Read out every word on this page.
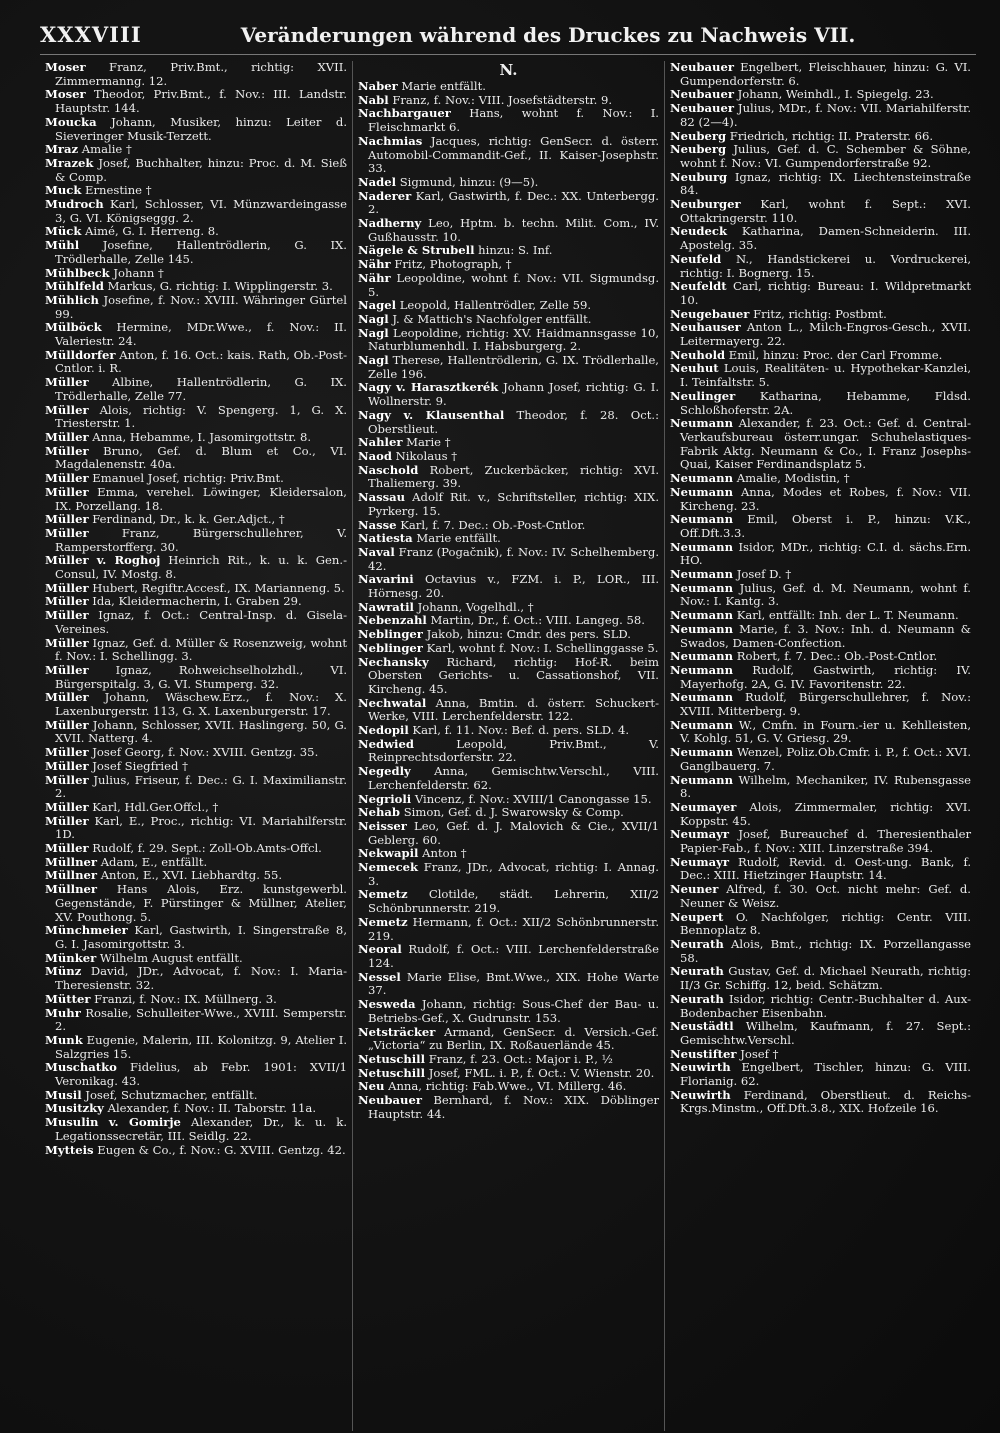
XXXVIII	Veränderungen während des Druckes zu Nachweis VII.

Moser Franz, Priv.Bmt., richtig: XVII. Zimmermanng. 12.

Moser Theodor, Priv.Bmt., f. Nov.: III. Landstr. Hauptstr. 144.

Moucka Johann, Musiker, hinzu: Leiter d. Sieveringer Musik-Terzett.

Mraz Amalie †

Mrazek Josef, Buchhalter, hinzu: Proc. d. M. Sieß & Comp.

Muck Ernestine †

Mudroch Karl, Schlosser, VI. Münzwardeingasse 3, G. VI. Königseggg. 2.

Mück Aimé, G. I. Herreng. 8.

Mühl Josefine, Hallentrödlerin, G. IX. Trödlerhalle, Zelle 145.

Mühlbeck Johann †

Mühlfeld Markus, G. richtig: I. Wipplingerstr. 3.

Mühlich Josefine, f. Nov.: XVIII. Währinger Gürtel 99.

Mülböck Hermine, MDr.Wwe., f. Nov.: II. Valeriestr. 24.

Mülldorfer Anton, f. 16. Oct.: kais. Rath, Ob.-Post-Cntlor. i. R.

Müller Albine, Hallentrödlerin, G. IX. Trödlerhalle, Zelle 77.

Müller Alois, richtig: V. Spengerg. 1, G. X. Triesterstr. 1.

Müller Anna, Hebamme, I. Jasomirgottstr. 8.

Müller Bruno, Gef. d. Blum et Co., VI. Magdalenenstr. 40a.

Müller Emanuel Josef, richtig: Priv.Bmt.

Müller Emma, verehel. Löwinger, Kleidersalon, IX. Porzellang. 18.

Müller Ferdinand, Dr., k. k. Ger.Adjct., †

Müller	Franz, Bürgerschullehrer, V. Ramperstorfferg. 30.

Müller v. Roghoj Heinrich Rit., k. u. k. Gen.-Consul, IV. Mostg. 8.

Müller Hubert, Regiftr.Accesf., IX. Marianneng. 5.

Müller Ida, Kleidermacherin, I. Graben 29.

Müller Ignaz, f. Oct.: Central-Insp. d. Gisela-Vereines.

Müller Ignaz, Gef. d. Müller & Rosenzweig, wohnt f. Nov.: I. Schellingg. 3.

Müller Ignaz, Rohweichselholzhdl., VI. Bürgerspitalg. 3, G. VI. Stumperg. 32.

Müller Johann, Wäschew.Erz., f. Nov.: X. Laxenburgerstr. 113, G. X. Laxenburgerstr. 17.

Müller Johann, Schlosser, XVII. Haslingerg. 50, G. XVII. Natterg. 4.

Müller Josef Georg, f. Nov.: XVIII. Gentzg. 35.

Müller Josef Siegfried †

Müller Julius, Friseur, f. Dec.: G. I. Maximilianstr. 2.

Müller Karl, Hdl.Ger.Offcl., †

Müller Karl, E., Proc., richtig: VI. Mariahilferstr. 1D.

Müller Rudolf, f. 29. Sept.: Zoll-Ob.Amts-Offcl.

Müllner Adam, E., entfällt.

Müllner Anton, E., XVI. Liebhardtg. 55.

Müllner Hans Alois, Erz. kunstgewerbl. Gegenstände, F. Pürstinger & Müllner, Atelier, XV. Pouthong. 5.

Münchmeier Karl, Gastwirth, I. Singerstraße 8, G. I. Jasomirgottstr. 3.

Münker Wilhelm August entfällt.

Münz David, JDr., Advocat, f. Nov.: I. Maria-Theresienstr. 32.

Mütter Franzi, f. Nov.: IX. Müllnerg. 3.

Muhr Rosalie, Schulleiter-Wwe., XVIII. Semperstr. 2.

Munk Eugenie, Malerin, III. Kolonitzg. 9, Atelier I. Salzgries 15.

Muschatko Fidelius, ab Febr. 1901: XVII/1 Veronikag. 43.

Musil Josef, Schutzmacher, entfällt.

Musitzky Alexander, f. Nov.: II. Taborstr. 11a.

Musulin v. Gomirje Alexander, Dr., k. u. k. Legationssecretär, III. Seidlg. 22.

Mytteis Eugen & Co., f. Nov.: G. XVIII. Gentzg. 42.

N.

Naber Marie entfällt.

Nabl Franz, f. Nov.: VIII. Josefstädterstr. 9.

Nachbargauer Hans, wohnt f. Nov.: I. Fleischmarkt 6.

Nachmias Jacques, richtig: GenSecr. d. österr. Automobil-Commandit-Gef., II. Kaiser-Josephstr. 33.

Nadel Sigmund, hinzu: (9—5).

Naderer Karl, Gastwirth, f. Dec.: XX. Unterbergg. 2.

Nadherny Leo, Hptm. b. techn. Milit. Com., IV. Gußhausstr. 10.

Nägele & Strubell hinzu: S. Inf.

Nähr Fritz, Photograph, †

Nähr Leopoldine, wohnt f. Nov.: VII. Sigmundsg. 5.

Nagel Leopold, Hallentrödler, Zelle 59.

Nagl J. & Mattich's Nachfolger entfällt.

Nagl Leopoldine, richtig: XV. Haidmannsgasse 10, Naturblumenhdl. I. Habsburgerg. 2.

Nagl Therese, Hallentrödlerin, G. IX. Trödlerhalle, Zelle 196.

Nagy v. Harasztkerék Johann Josef, richtig: G. I. Wollnerstr. 9.

Nagy v. Klausenthal Theodor, f. 28. Oct.: Oberstlieut.

Nahler Marie †

Naod Nikolaus †

Naschold Robert, Zuckerbäcker, richtig: XVI. Thaliemerg. 39.

Nassau Adolf Rit. v., Schriftsteller, richtig: XIX. Pyrkerg. 15.

Nasse Karl, f. 7. Dec.: Ob.-Post-Cntlor.

Natiesta Marie entfällt.

Naval Franz (Pogačnik), f. Nov.: IV. Schelhemberg. 42.

Navarini Octavius v., FZM. i. P., LOR., III. Hörnesg. 20.

Nawratil Johann, Vogelhdl., †

Nebenzahl Martin, Dr., f. Oct.: VIII. Langeg. 58.

Neblinger Jakob, hinzu: Cmdr. des pers. SLD.

Neblinger Karl, wohnt f. Nov.: I. Schellinggasse 5.

Nechansky Richard, richtig: Hof-R. beim Obersten Gerichts- u. Cassationshof, VII. Kircheng. 45.

Nechwatal Anna, Bmtin. d. österr. Schuckert-Werke, VIII. Lerchenfelderstr. 122.

Nedopil Karl, f. 11. Nov.: Bef. d. pers. SLD. 4.

Nedwied	Leopold, Priv.Bmt., V. Reinprechtsdorferstr. 22.

Negedly Anna, Gemischtw.Verschl., VIII. Lerchenfelderstr. 62.

Negrioli Vincenz, f. Nov.: XVIII/1 Canongasse 15.

Nehab Simon, Gef. d. J. Swarowsky & Comp.

Neisser Leo, Gef. d. J. Malovich & Cie., XVII/1 Geblerg. 60.

Nekwapil Anton †

Nemecek Franz, JDr., Advocat, richtig: I. Annag. 3.

Nemetz Clotilde, städt. Lehrerin, XII/2 Schönbrunnerstr. 219.

Nemetz Hermann, f. Oct.: XII/2 Schönbrunnerstr. 219.

Neoral Rudolf, f. Oct.: VIII. Lerchenfelderstraße 124.

Nessel Marie Elise, Bmt.Wwe., XIX. Hohe Warte 37.

Nesweda Johann, richtig: Sous-Chef der Bau- u. Betriebs-Gef., X. Gudrunstr. 153.

Netsträcker Armand, GenSecr. d. Versich.-Gef. „Victoria“ zu Berlin, IX. Roßauerlände 45.

Netuschill Franz, f. 23. Oct.: Major i. P., ½

Netuschill Josef, FML. i. P., f. Oct.: V. Wienstr. 20.

Neu Anna, richtig: Fab.Wwe., VI. Millerg. 46.

Neubauer Bernhard, f. Nov.: XIX. Döblinger Hauptstr. 44.

Neubauer Engelbert, Fleischhauer, hinzu: G. VI. Gumpendorferstr. 6.

Neubauer Johann, Weinhdl., I. Spiegelg. 23.

Neubauer Julius, MDr., f. Nov.: VII. Mariahilferstr. 82 (2—4).

Neuberg Friedrich, richtig: II. Praterstr. 66.

Neuberg Julius, Gef. d. C. Schember & Söhne, wohnt f. Nov.: VI. Gumpendorferstraße 92.

Neuburg Ignaz, richtig: IX. Liechtensteinstraße 84.

Neuburger Karl, wohnt f. Sept.: XVI. Ottakringerstr. 110.

Neudeck Katharina, Damen-Schneiderin. III. Apostelg. 35.

Neufeld N., Handstickerei u. Vordruckerei, richtig: I. Bognerg. 15.

Neufeldt Carl, richtig: Bureau: I. Wildpretmarkt 10.

Neugebauer Fritz, richtig: Postbmt.

Neuhauser Anton L., Milch-Engros-Gesch., XVII. Leitermayerg. 22.

Neuhold Emil, hinzu: Proc. der Carl Fromme.

Neuhut Louis, Realitäten- u. Hypothekar-Kanzlei, I. Teinfaltstr. 5.

Neulinger Katharina, Hebamme, Fldsd. Schloßhoferstr. 2A.

Neumann Alexander, f. 23. Oct.: Gef. d. Central-Verkaufsbureau österr.ungar. Schuhelastiques-Fabrik Aktg. Neumann & Co., I. Franz Josephs-Quai, Kaiser Ferdinandsplatz 5.

Neumann Amalie, Modistin, †

Neumann Anna, Modes et Robes, f. Nov.: VII. Kircheng. 23.

Neumann Emil, Oberst i. P., hinzu: V.K., Off.Dft.3.3.

Neumann Isidor, MDr., richtig: C.I. d. sächs.Ern. HO.

Neumann Josef D. †

Neumann Julius, Gef. d. M. Neumann, wohnt f. Nov.: I. Kantg. 3.

Neumann Karl, entfällt: Inh. der L. T. Neumann.

Neumann Marie, f. 3. Nov.: Inh. d. Neumann & Swados, Damen-Confection.

Neumann Robert, f. 7. Dec.: Ob.-Post-Cntlor.

Neumann Rudolf, Gastwirth, richtig: IV. Mayerhofg. 2A, G. IV. Favoritenstr. 22.

Neumann Rudolf, Bürgerschullehrer, f. Nov.: XVIII. Mitterberg. 9.

Neumann W., Cmfn. in Fourn.-ier u. Kehlleisten, V. Kohlg. 51, G. V. Griesg. 29.

Neumann Wenzel, Poliz.Ob.Cmfr. i. P., f. Oct.: XVI. Ganglbauerg. 7.

Neumann Wilhelm, Mechaniker, IV. Rubensgasse 8.

Neumayer Alois, Zimmermaler, richtig: XVI. Koppstr. 45.

Neumayr Josef, Bureauchef d. Theresienthaler Papier-Fab., f. Nov.: XIII. Linzerstraße 394.

Neumayr Rudolf, Revid. d. Oest-ung. Bank, f. Dec.: XIII. Hietzinger Hauptstr. 14.

Neuner Alfred, f. 30. Oct. nicht mehr: Gef. d. Neuner & Weisz.

Neupert O. Nachfolger, richtig: Centr. VIII. Bennoplatz 8.

Neurath Alois, Bmt., richtig: IX. Porzellangasse 58.

Neurath Gustav, Gef. d. Michael Neurath, richtig: II/3 Gr. Schiffg. 12, beid. Schätzm.

Neurath Isidor, richtig: Centr.-Buchhalter d. Aux-Bodenbacher Eisenbahn.

Neustädtl Wilhelm, Kaufmann, f. 27. Sept.: Gemischtw.Verschl.

Neustifter Josef †

Neuwirth Engelbert, Tischler, hinzu: G. VIII. Florianig. 62.

Neuwirth Ferdinand, Oberstlieut. d. Reichs-Krgs.Minstm., Off.Dft.3.8., XIX. Hofzeile 16.
